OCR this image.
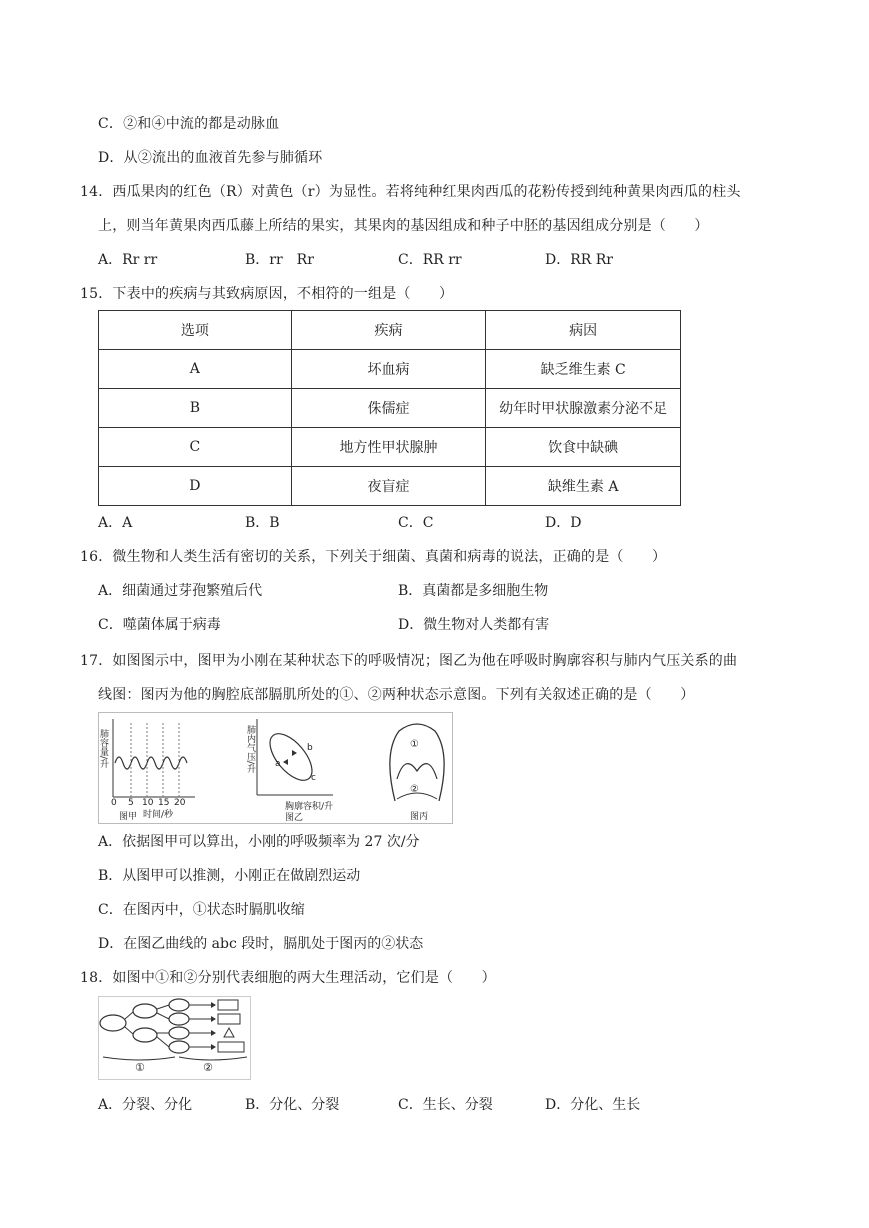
C．②和④中流的都是动脉血
D．从②流出的血液首先参与肺循环
14．西瓜果肉的红色（R）对黄色（r）为显性。若将纯种红果肉西瓜的花粉传授到纯种黄果肉西瓜的柱头
上，则当年黄果肉西瓜藤上所结的果实，其果肉的基因组成和种子中胚的基因组成分别是（　　）
A．Rr rr	B．rr　Rr	C．RR rr	D．RR Rr
15．下表中的疾病与其致病原因，不相符的一组是（　　）
选项	疾病	病因
A	坏血病	缺乏维生素 C
B	侏儒症	幼年时甲状腺激素分泌不足
C	地方性甲状腺肿	饮食中缺碘
D	夜盲症	缺维生素 A
A．A	B．B	C．C	D．D
16．微生物和人类生活有密切的关系，下列关于细菌、真菌和病毒的说法，正确的是（　　）
A．细菌通过芽孢繁殖后代	B．真菌都是多细胞生物
C．噬菌体属于病毒	D．微生物对人类都有害
17．如图图示中，图甲为小刚在某种状态下的呼吸情况；图乙为他在呼吸时胸廓容积与肺内气压关系的曲
线图：图丙为他的胸腔底部膈肌所处的①、②两种状态示意图。下列有关叙述正确的是（　　）
肺容量/升
0 5 10 15 20
时间/秒
图甲
肺内气压/升 a
b
c
胸廓容积/升
图乙
①
②
图丙
A．依据图甲可以算出，小刚的呼吸频率为 27 次/分
B．从图甲可以推测，小刚正在做剧烈运动
C．在图丙中，①状态时膈肌收缩
D．在图乙曲线的 abc 段时，膈肌处于图丙的②状态
18．如图中①和②分别代表细胞的两大生理活动，它们是（　　）
①	②
A．分裂、分化	B．分化、分裂	C．生长、分裂	D．分化、生长
